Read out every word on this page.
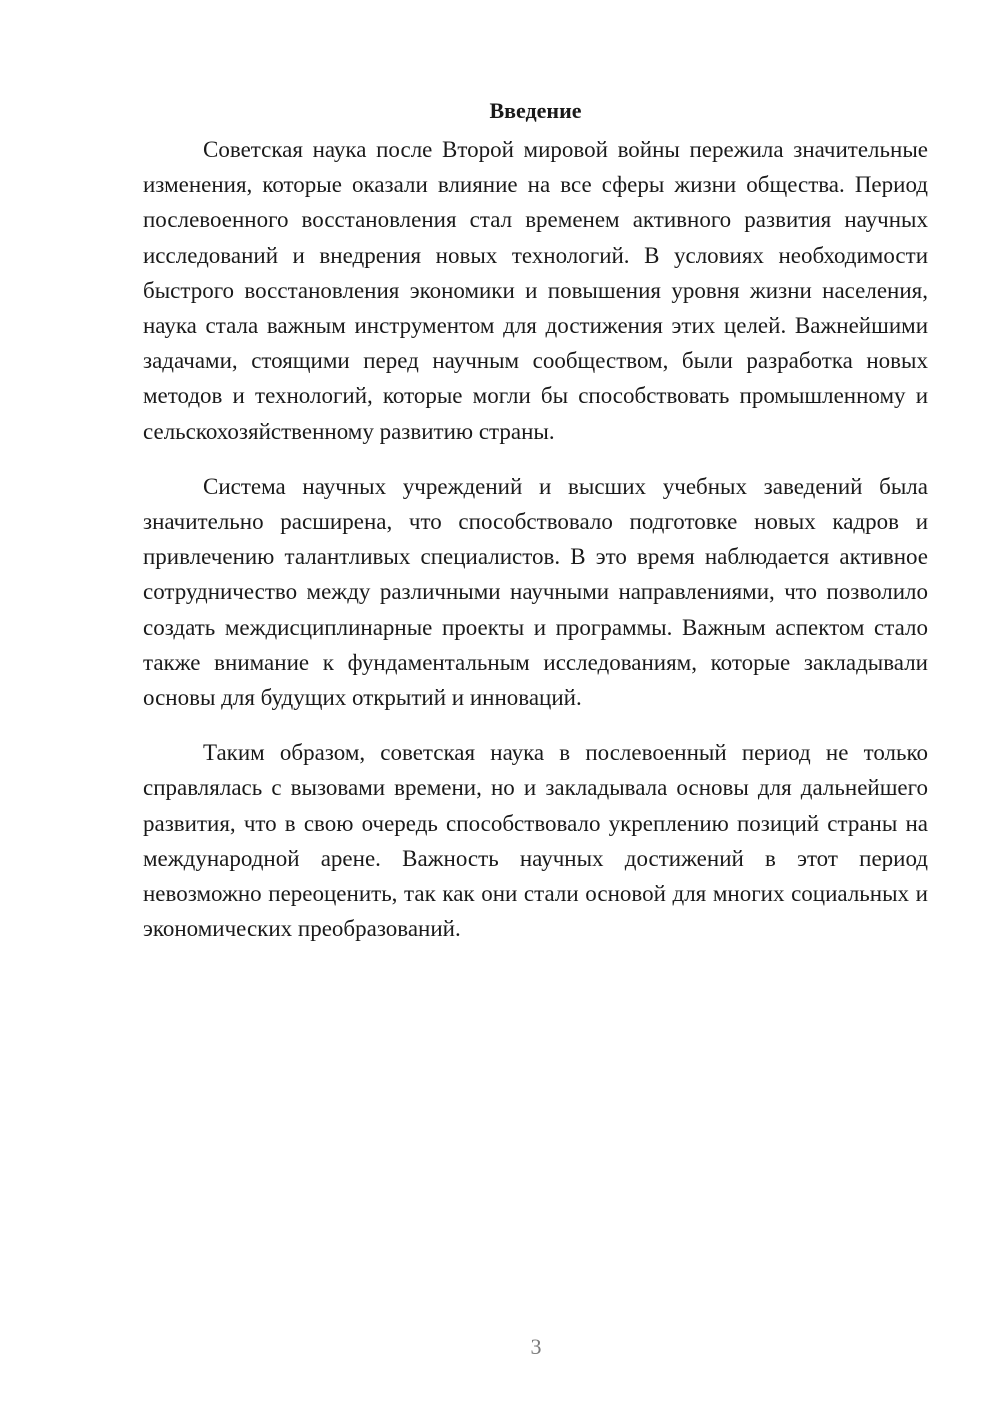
Введение

Советская наука после Второй мировой войны пережила значительные изменения, которые оказали влияние на все сферы жизни общества. Период послевоенного восстановления стал временем активного развития научных исследований и внедрения новых технологий. В условиях необходимости быстрого восстановления экономики и повышения уровня жизни населения, наука стала важным инструментом для достижения этих целей. Важнейшими задачами, стоящими перед научным сообществом, были разработка новых методов и технологий, которые могли бы способствовать промышленному и сельскохозяйственному развитию страны.

Система научных учреждений и высших учебных заведений была значительно расширена, что способствовало подготовке новых кадров и привлечению талантливых специалистов. В это время наблюдается активное сотрудничество между различными научными направлениями, что позволило создать междисциплинарные проекты и программы. Важным аспектом стало также внимание к фундаментальным исследованиям, которые закладывали основы для будущих открытий и инноваций.

Таким образом, советская наука в послевоенный период не только справлялась с вызовами времени, но и закладывала основы для дальнейшего развития, что в свою очередь способствовало укреплению позиций страны на международной арене. Важность научных достижений в этот период невозможно переоценить, так как они стали основой для многих социальных и экономических преобразований.

3
